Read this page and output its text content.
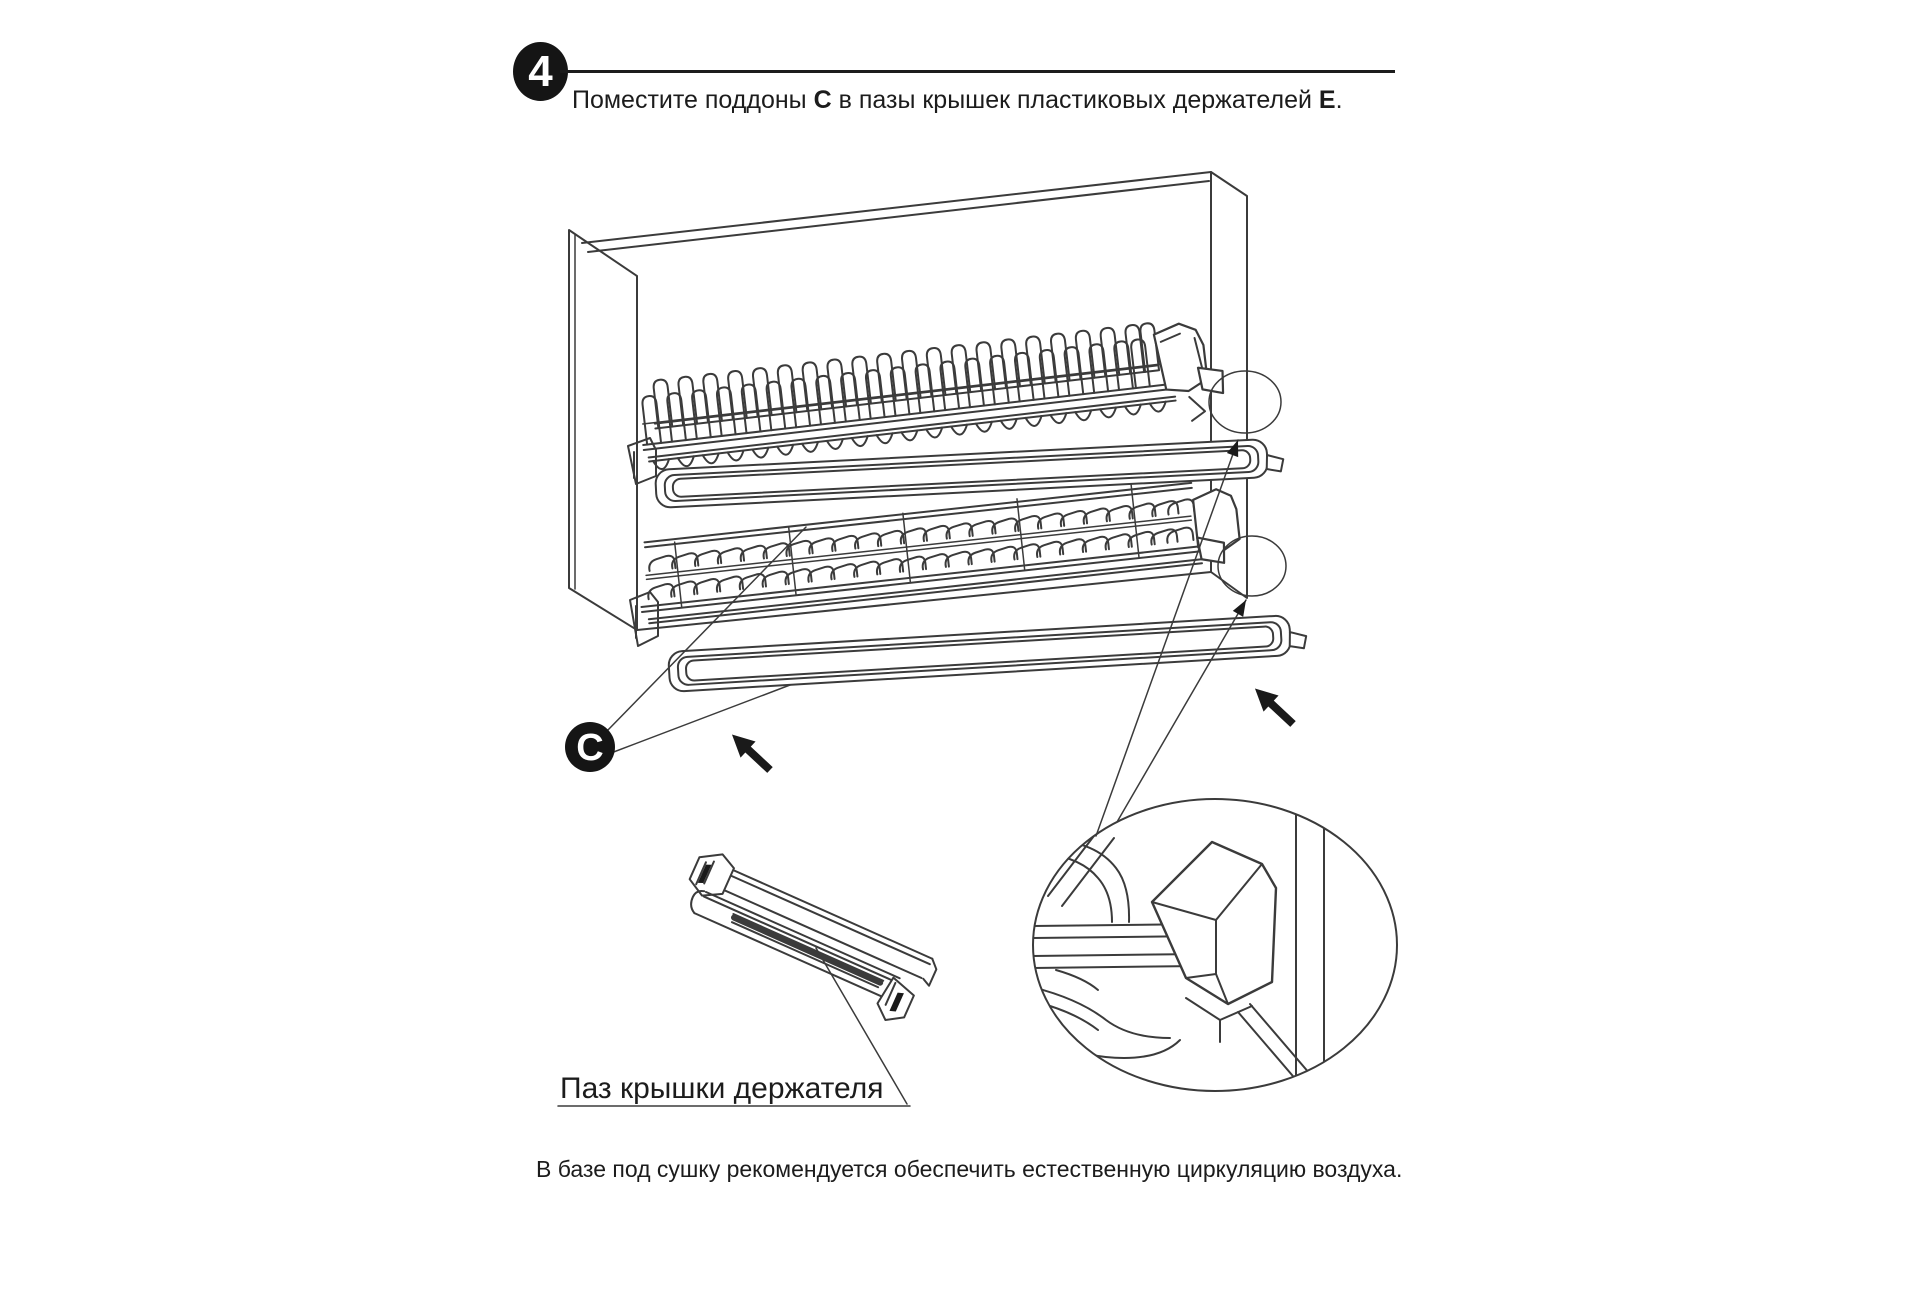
4
Поместите поддоны C в пазы крышек пластиковых держателей E.
C
Паз крышки держателя
В базе под сушку рекомендуется обеспечить естественную циркуляцию воздуха.
